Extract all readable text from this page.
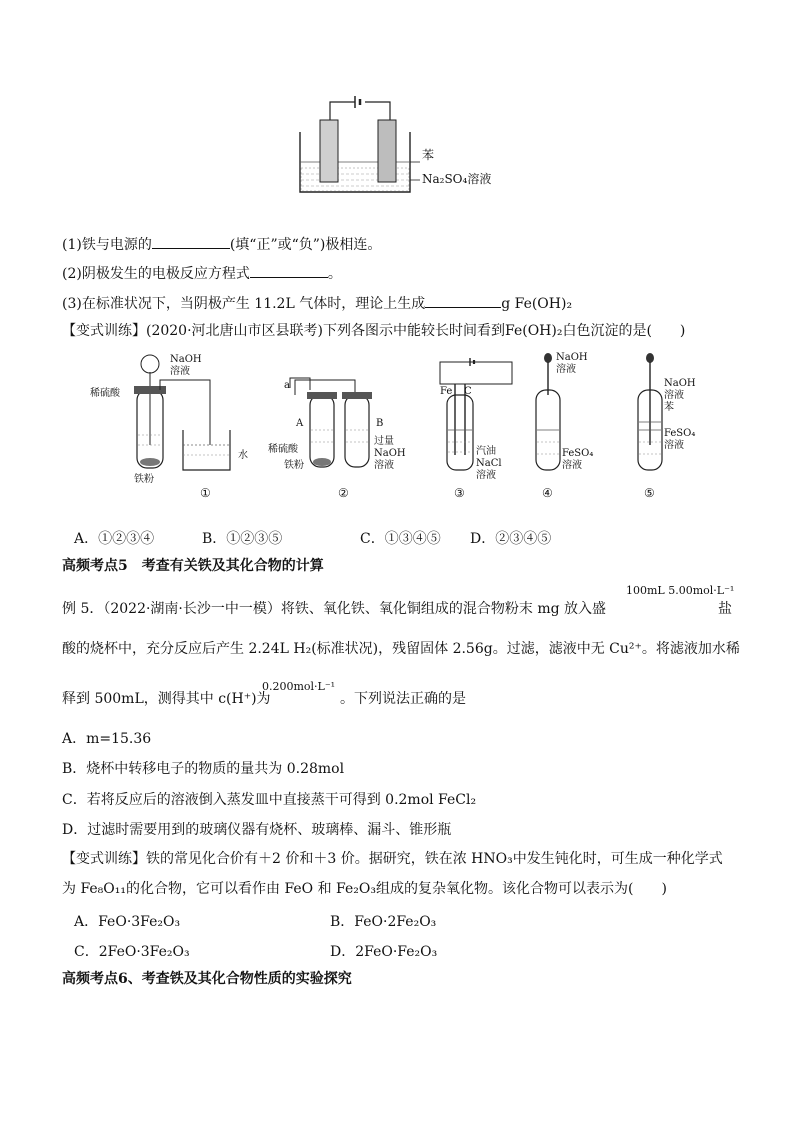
苯
Na₂SO₄溶液
(1)铁与电源的	(填“正”或“负”)极相连。
(2)阴极发生的电极反应方程式	。
(3)在标准状况下，当阴极产生 11.2L 气体时，理论上生成	g Fe(OH)₂
【变式训练】(2020·河北唐山市区县联考)下列各图示中能较长时间看到Fe(OH)₂白色沉淀的是(　　)
稀硫酸
NaOH
溶液
水
铁粉
①
a
A	B
稀硫酸
铁粉
过量
NaOH
溶液
②
Fe C
汽油
NaCl
溶液
③
NaOH
溶液
FeSO₄
溶液
④
NaOH
溶液
苯
FeSO₄
溶液
⑤
A．①②③④	B．①②③⑤	C．①③④⑤ D．②③④⑤
高频考点5　考查有关铁及其化合物的计算
例 5．（2022·湖南·长沙一中一模）将铁、氧化铁、氧化铜组成的混合物粉末 mg 放入盛
100mL 5.00mol·L⁻¹
盐
酸的烧杯中，充分反应后产生 2.24L H₂(标准状况)，残留固体 2.56g。过滤，滤液中无 Cu²⁺。将滤液加水稀
释到 500mL，测得其中 c(H⁺)为
0.200mol·L⁻¹
。下列说法正确的是
A．m=15.36
B．烧杯中转移电子的物质的量共为 0.28mol
C．若将反应后的溶液倒入蒸发皿中直接蒸干可得到 0.2mol FeCl₂
D．过滤时需要用到的玻璃仪器有烧杯、玻璃棒、漏斗、锥形瓶
【变式训练】铁的常见化合价有＋2 价和＋3 价。据研究，铁在浓 HNO₃中发生钝化时，可生成一种化学式
为 Fe₈O₁₁的化合物，它可以看作由 FeO 和 Fe₂O₃组成的复杂氧化物。该化合物可以表示为(　　)
A．FeO·3Fe₂O₃	B．FeO·2Fe₂O₃
C．2FeO·3Fe₂O₃	D．2FeO·Fe₂O₃
高频考点6、考查铁及其化合物性质的实验探究
